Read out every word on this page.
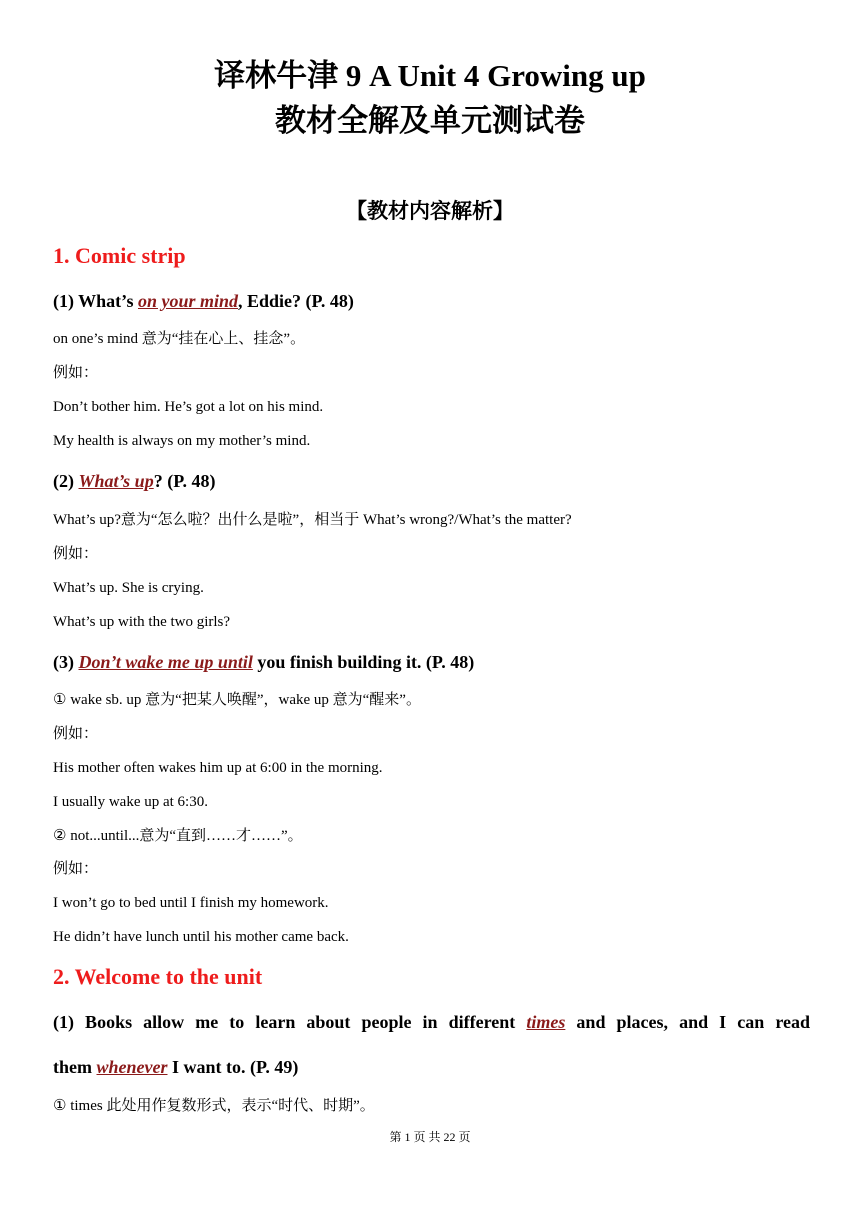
译林牛津 9 A Unit 4 Growing up
教材全解及单元测试卷
【教材内容解析】
1. Comic strip
(1) What’s on your mind, Eddie? (P. 48)
on one’s mind 意为“挂在心上、挂念”。
例如：
Don’t bother him. He’s got a lot on his mind.
My health is always on my mother’s mind.
(2) What’s up? (P. 48)
What’s up?意为“怎么啦？出什么是啦”，相当于 What’s wrong?/What’s the matter?
例如：
What’s up. She is crying.
What’s up with the two girls?
(3) Don’t wake me up until you finish building it. (P. 48)
① wake sb. up 意为“把某人唤醒”，wake up 意为“醒来”。
例如：
His mother often wakes him up at 6:00 in the morning.
I usually wake up at 6:30.
② not...until...意为“直到……才……”。
例如：
I won’t go to bed until I finish my homework.
He didn’t have lunch until his mother came back.
2. Welcome to the unit
(1) Books allow me to learn about people in different times and places, and I can read
them whenever I want to. (P. 49)
① times 此处用作复数形式，表示“时代、时期”。
第 1 页 共 22 页
